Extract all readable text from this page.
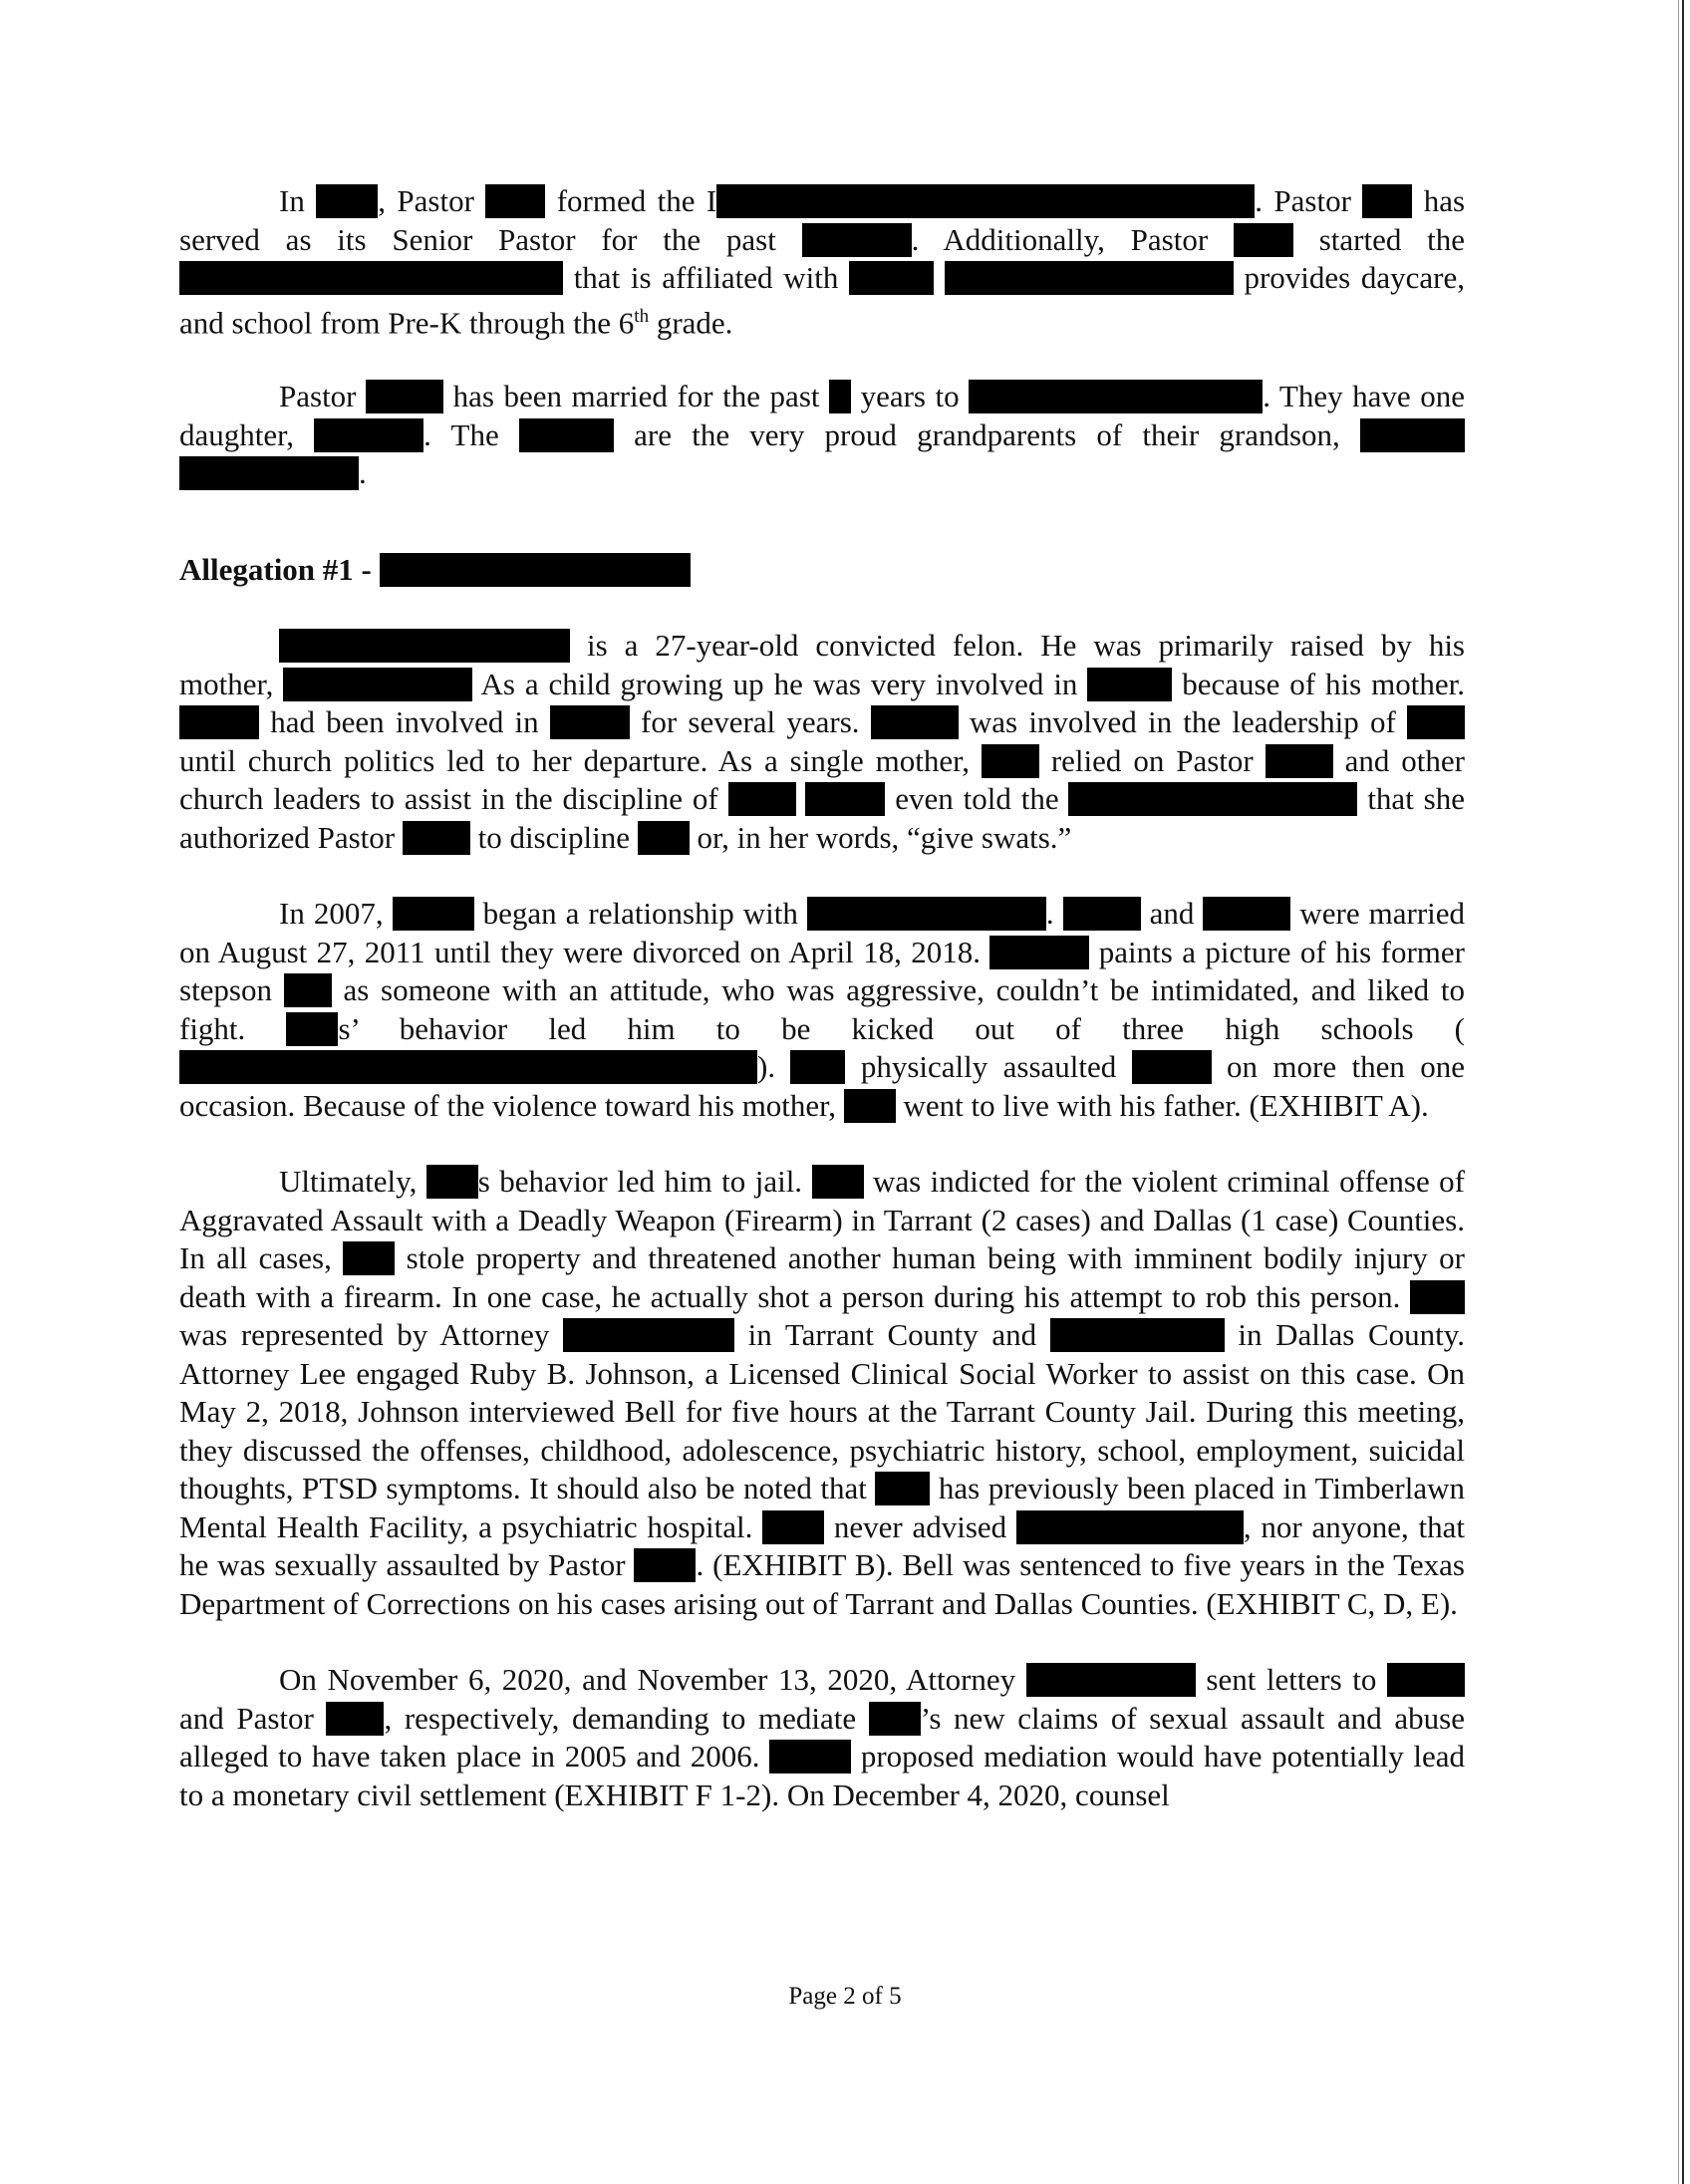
In , Pastor  formed the I	. Pastor  has served as its Senior Pastor for the past	. Additionally, Pastor  started the  that is affiliated with	provides daycare, and school from Pre-K through the 6th grade.

Pastor	has been married for the past  years to	. They have one daughter,	. The	are the very proud grandparents of their grandson,  .

Allegation #1 -

is a 27-year-old convicted felon. He was primarily raised by his mother,	As a child growing up he was very involved in	because of his mother.  had been involved in	for several years.	was involved in the leadership of  until church politics led to her departure. As a single mother,  relied on Pastor  and other church leaders to assist in the discipline of	even told the	that she authorized Pastor  to discipline  or, in her words, “give swats.”

In 2007,	began a relationship with	.	and	were married on August 27, 2011 until they were divorced on April 18, 2018.	paints a picture of his former stepson  as someone with an attitude, who was aggressive, couldn’t be intimidated, and liked to fight. s’ behavior led him to be kicked out of three high schools ().  physically assaulted	on more then one occasion. Because of the violence toward his mother,  went to live with his father. (EXHIBIT A).

Ultimately, s behavior led him to jail.  was indicted for the violent criminal offense of Aggravated Assault with a Deadly Weapon (Firearm) in Tarrant (2 cases) and Dallas (1 case) Counties. In all cases,  stole property and threatened another human being with imminent bodily injury or death with a firearm. In one case, he actually shot a person during his attempt to rob this person.  was represented by Attorney	in Tarrant County and	in Dallas County. Attorney Lee engaged Ruby B. Johnson, a Licensed Clinical Social Worker to assist on this case. On May 2, 2018, Johnson interviewed Bell for five hours at the Tarrant County Jail. During this meeting, they discussed the offenses, childhood, adolescence, psychiatric history, school, employment, suicidal thoughts, PTSD symptoms. It should also be noted that  has previously been placed in Timberlawn Mental Health Facility, a psychiatric hospital.  never advised	, nor anyone, that he was sexually assaulted by Pastor . (EXHIBIT B). Bell was sentenced to five years in the Texas Department of Corrections on his cases arising out of Tarrant and Dallas Counties. (EXHIBIT C, D, E).

On November 6, 2020, and November 13, 2020, Attorney	sent letters to  and Pastor , respectively, demanding to mediate ’s new claims of sexual assault and abuse alleged to have taken place in 2005 and 2006.	proposed mediation would have potentially lead to a monetary civil settlement (EXHIBIT F 1-2). On December 4, 2020, counsel

Page 2 of 5
